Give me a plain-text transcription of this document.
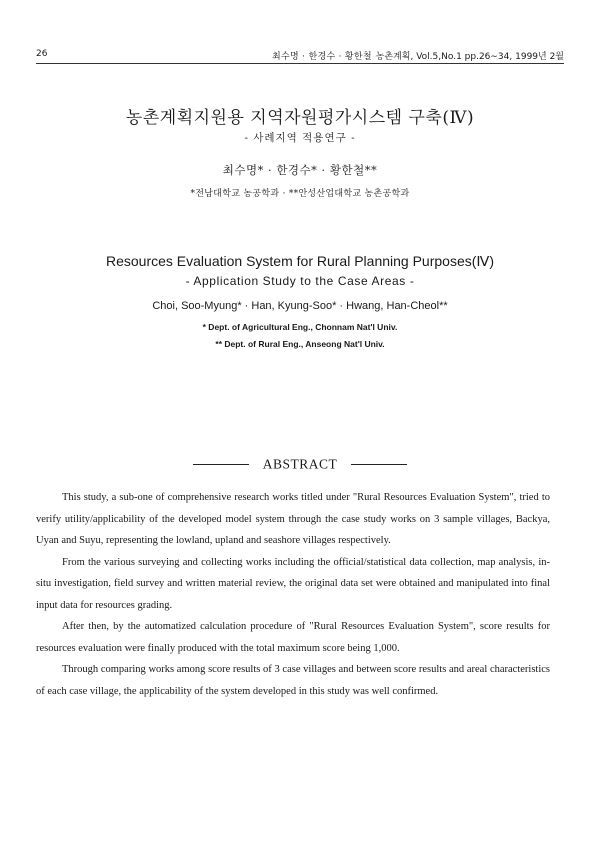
26	최수명 · 한경수 · 황한철 농촌계획, Vol.5,No.1 pp.26∼34, 1999년 2월
농촌계획지원용 지역자원평가시스템 구축(Ⅳ)
- 사례지역 적용연구 -
최수명* · 한경수* · 황한철**
*전남대학교 농공학과 · **안성산업대학교 농촌공학과
Resources Evaluation System for Rural Planning Purposes(Ⅳ)
- Application Study to the Case Areas -
Choi, Soo-Myung* · Han, Kyung-Soo* · Hwang, Han-Cheol**
* Dept. of Agricultural Eng., Chonnam Nat'l Univ.
** Dept. of Rural Eng., Anseong Nat'l Univ.
ABSTRACT

This study, a sub-one of comprehensive research works titled under "Rural Resources Evaluation System", tried to verify utility/applicability of the developed model system through the case study works on 3 sample villages, Backya, Uyan and Suyu, representing the lowland, upland and seashore villages respectively.

From the various surveying and collecting works including the official/statistical data collection, map analysis, in-situ investigation, field survey and written material review, the original data set were obtained and manipulated into final input data for resources grading.

After then, by the automatized calculation procedure of "Rural Resources Evaluation System", score results for resources evaluation were finally produced with the total maximum score being 1,000.

Through comparing works among score results of 3 case villages and between score results and areal characteristics of each case village, the applicability of the system developed in this study was well confirmed.
